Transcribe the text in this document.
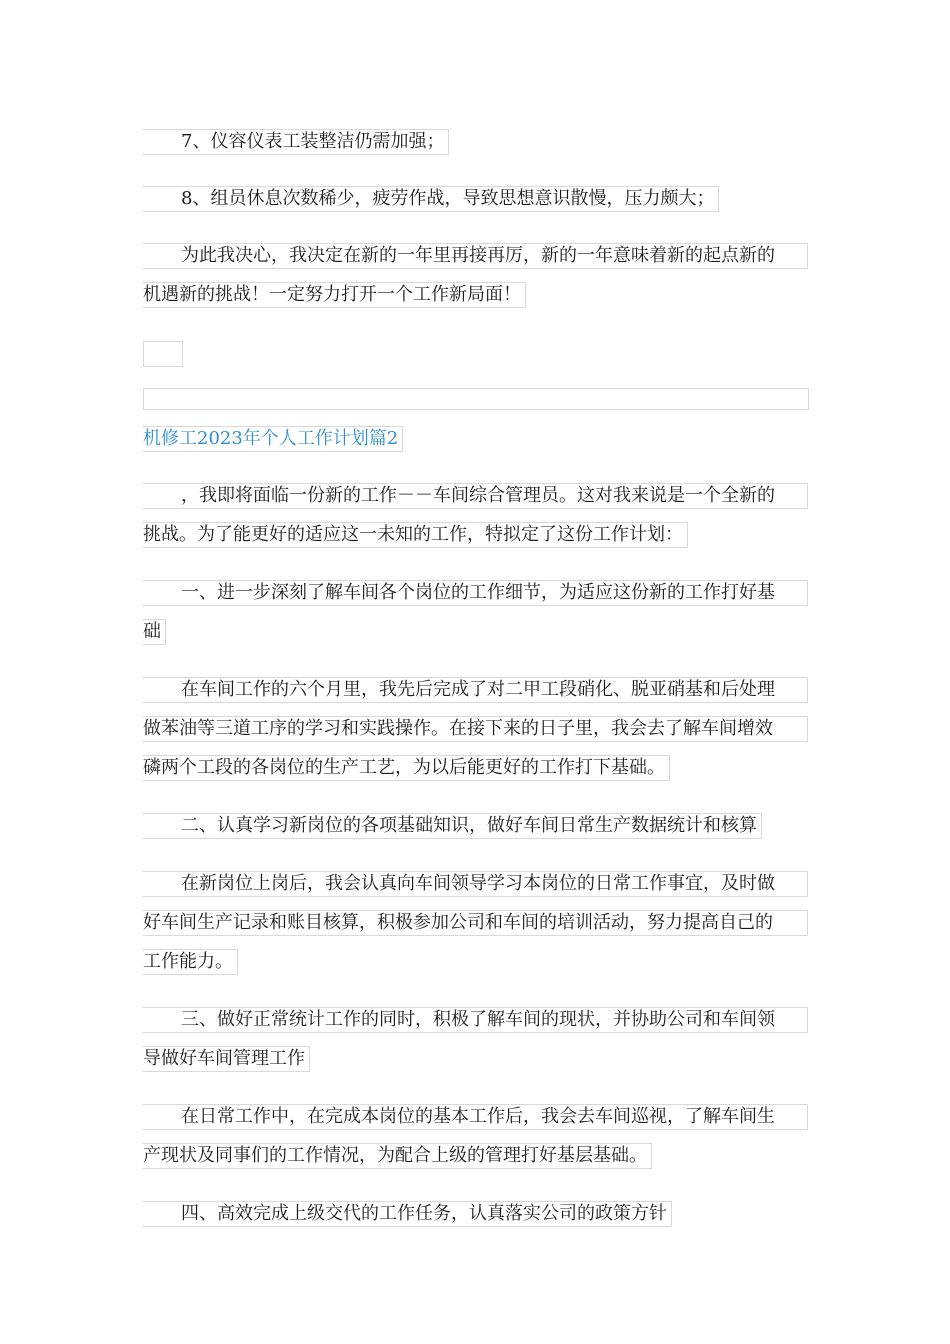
7、仪容仪表工装整洁仍需加强；
8、组员休息次数稀少，疲劳作战，导致思想意识散慢，压力颇大；
为此我决心，我决定在新的一年里再接再厉，新的一年意味着新的起点新的
机遇新的挑战！一定努力打开一个工作新局面！
机修工2023年个人工作计划篇2
，我即将面临一份新的工作－－车间综合管理员。这对我来说是一个全新的
挑战。为了能更好的适应这一未知的工作，特拟定了这份工作计划：
一、进一步深刻了解车间各个岗位的工作细节，为适应这份新的工作打好基
础
在车间工作的六个月里，我先后完成了对二甲工段硝化、脱亚硝基和后处理
做苯油等三道工序的学习和实践操作。在接下来的日子里，我会去了解车间增效
磷两个工段的各岗位的生产工艺，为以后能更好的工作打下基础。
二、认真学习新岗位的各项基础知识，做好车间日常生产数据统计和核算
在新岗位上岗后，我会认真向车间领导学习本岗位的日常工作事宜，及时做
好车间生产记录和账目核算，积极参加公司和车间的培训活动，努力提高自己的
工作能力。
三、做好正常统计工作的同时，积极了解车间的现状，并协助公司和车间领
导做好车间管理工作
在日常工作中，在完成本岗位的基本工作后，我会去车间巡视，了解车间生
产现状及同事们的工作情况，为配合上级的管理打好基层基础。
四、高效完成上级交代的工作任务，认真落实公司的政策方针
